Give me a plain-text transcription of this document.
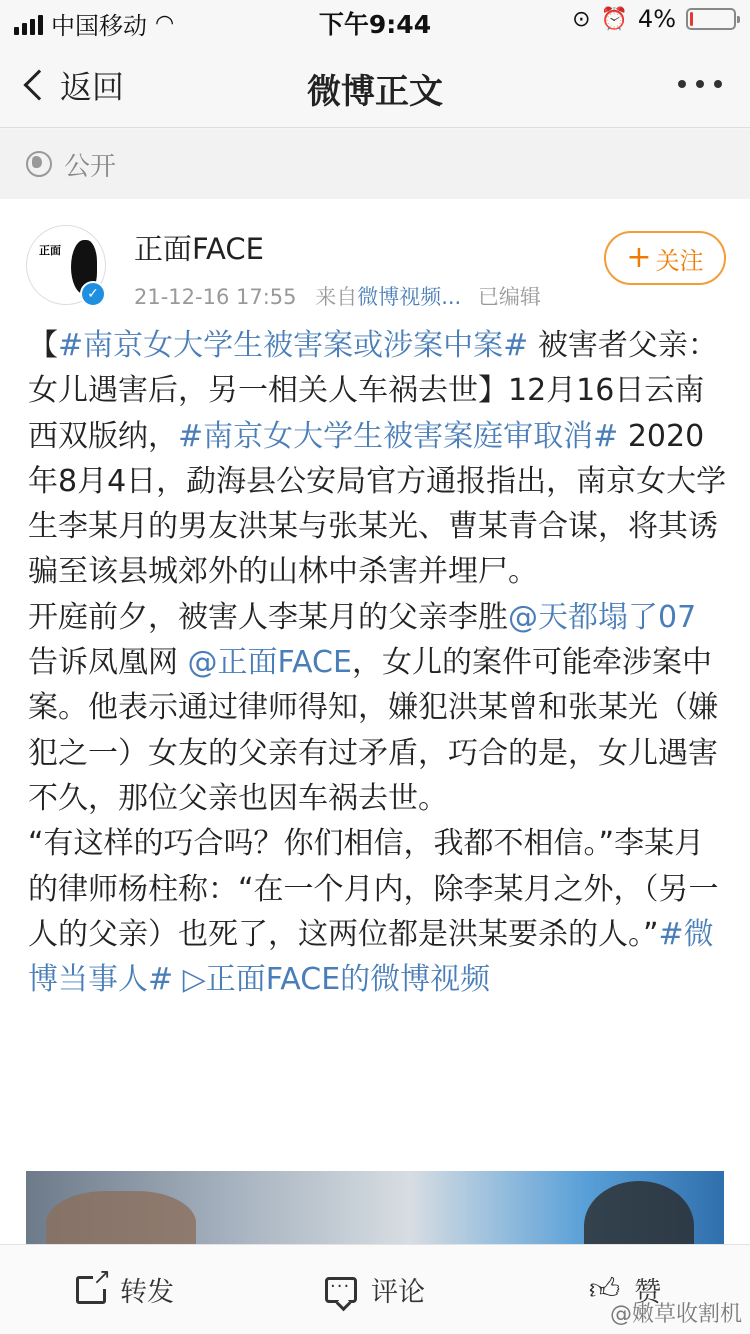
中国移动 ◠	下午9:44	⊙ ⏰ 4%
返回	微博正文
公开
正面
✓
正面FACE
21-12-16 17:55 来自微博视频... 已编辑
+ 关注
【#南京女大学生被害案或涉案中案# 被害者父亲： 女儿遇害后，另一相关人车祸去世】12月16日云南西双版纳，#南京女大学生被害案庭审取消# 2020年8月4日，勐海县公安局官方通报指出，南京女大学生李某月的男友洪某与张某光、曹某青合谋，将其诱骗至该县城郊外的山林中杀害并埋尸。
开庭前夕，被害人李某月的父亲李胜@天都塌了07 告诉凤凰网 @正面FACE，女儿的案件可能牵涉案中案。他表示通过律师得知，嫌犯洪某曾和张某光（嫌犯之一）女友的父亲有过矛盾，巧合的是，女儿遇害不久，那位父亲也因车祸去世。
“有这样的巧合吗？你们相信，我都不相信。”李某月的律师杨柱称：“在一个月内，除李某月之外，（另一人的父亲）也死了，这两位都是洪某要杀的人。”#微博当事人# ▷正面FACE的微博视频
↗
转发
···	评论	👍︎ 赞
@嫩草收割机
